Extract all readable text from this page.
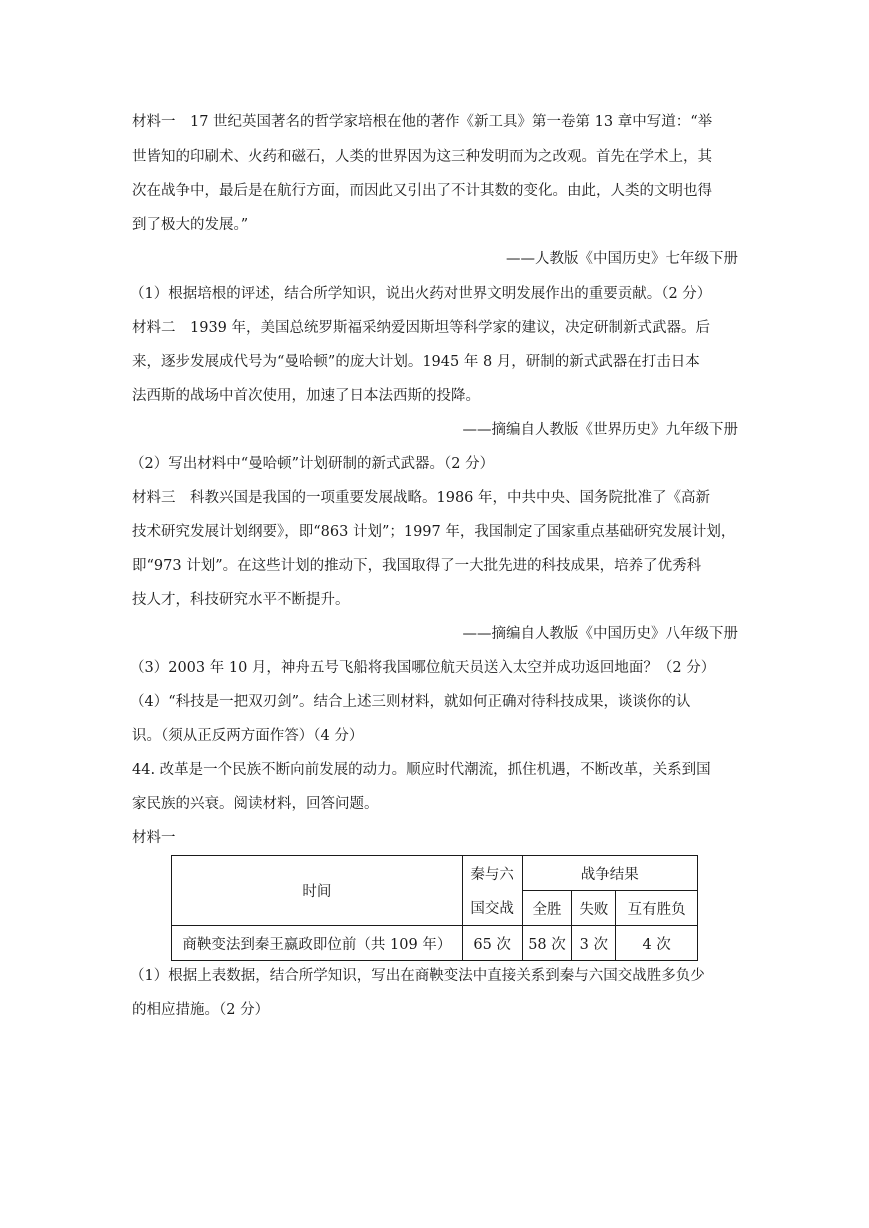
材料一　17 世纪英国著名的哲学家培根在他的著作《新工具》第一卷第 13 章中写道：“举
世皆知的印刷术、火药和磁石，人类的世界因为这三种发明而为之改观。首先在学术上，其
次在战争中，最后是在航行方面，而因此又引出了不计其数的变化。由此，人类的文明也得
到了极大的发展。”
——人教版《中国历史》七年级下册
（1）根据培根的评述，结合所学知识，说出火药对世界文明发展作出的重要贡献。（2 分）
材料二　1939 年，美国总统罗斯福采纳爱因斯坦等科学家的建议，决定研制新式武器。后
来，逐步发展成代号为“曼哈顿”的庞大计划。1945 年 8 月，研制的新式武器在打击日本
法西斯的战场中首次使用，加速了日本法西斯的投降。
——摘编自人教版《世界历史》九年级下册
（2）写出材料中“曼哈顿”计划研制的新式武器。（2 分）
材料三　科教兴国是我国的一项重要发展战略。1986 年，中共中央、国务院批准了《高新
技术研究发展计划纲要》，即“863 计划”；1997 年，我国制定了国家重点基础研究发展计划，
即“973 计划”。在这些计划的推动下，我国取得了一大批先进的科技成果，培养了优秀科
技人才，科技研究水平不断提升。
——摘编自人教版《中国历史》八年级下册
（3）2003 年 10 月，神舟五号飞船将我国哪位航天员送入太空并成功返回地面？（2 分）
（4）“科技是一把双刃剑”。结合上述三则材料，就如何正确对待科技成果，谈谈你的认
识。（须从正反两方面作答）（4 分）
44. 改革是一个民族不断向前发展的动力。顺应时代潮流，抓住机遇，不断改革，关系到国
家民族的兴衰。阅读材料，回答问题。
材料一
时间	秦与六	战争结果		
	国交战	全胜	失败	互有胜负
商鞅变法到秦王嬴政即位前（共 109 年）	65 次	58 次	3 次	4 次
（1）根据上表数据，结合所学知识，写出在商鞅变法中直接关系到秦与六国交战胜多负少
的相应措施。（2 分）
